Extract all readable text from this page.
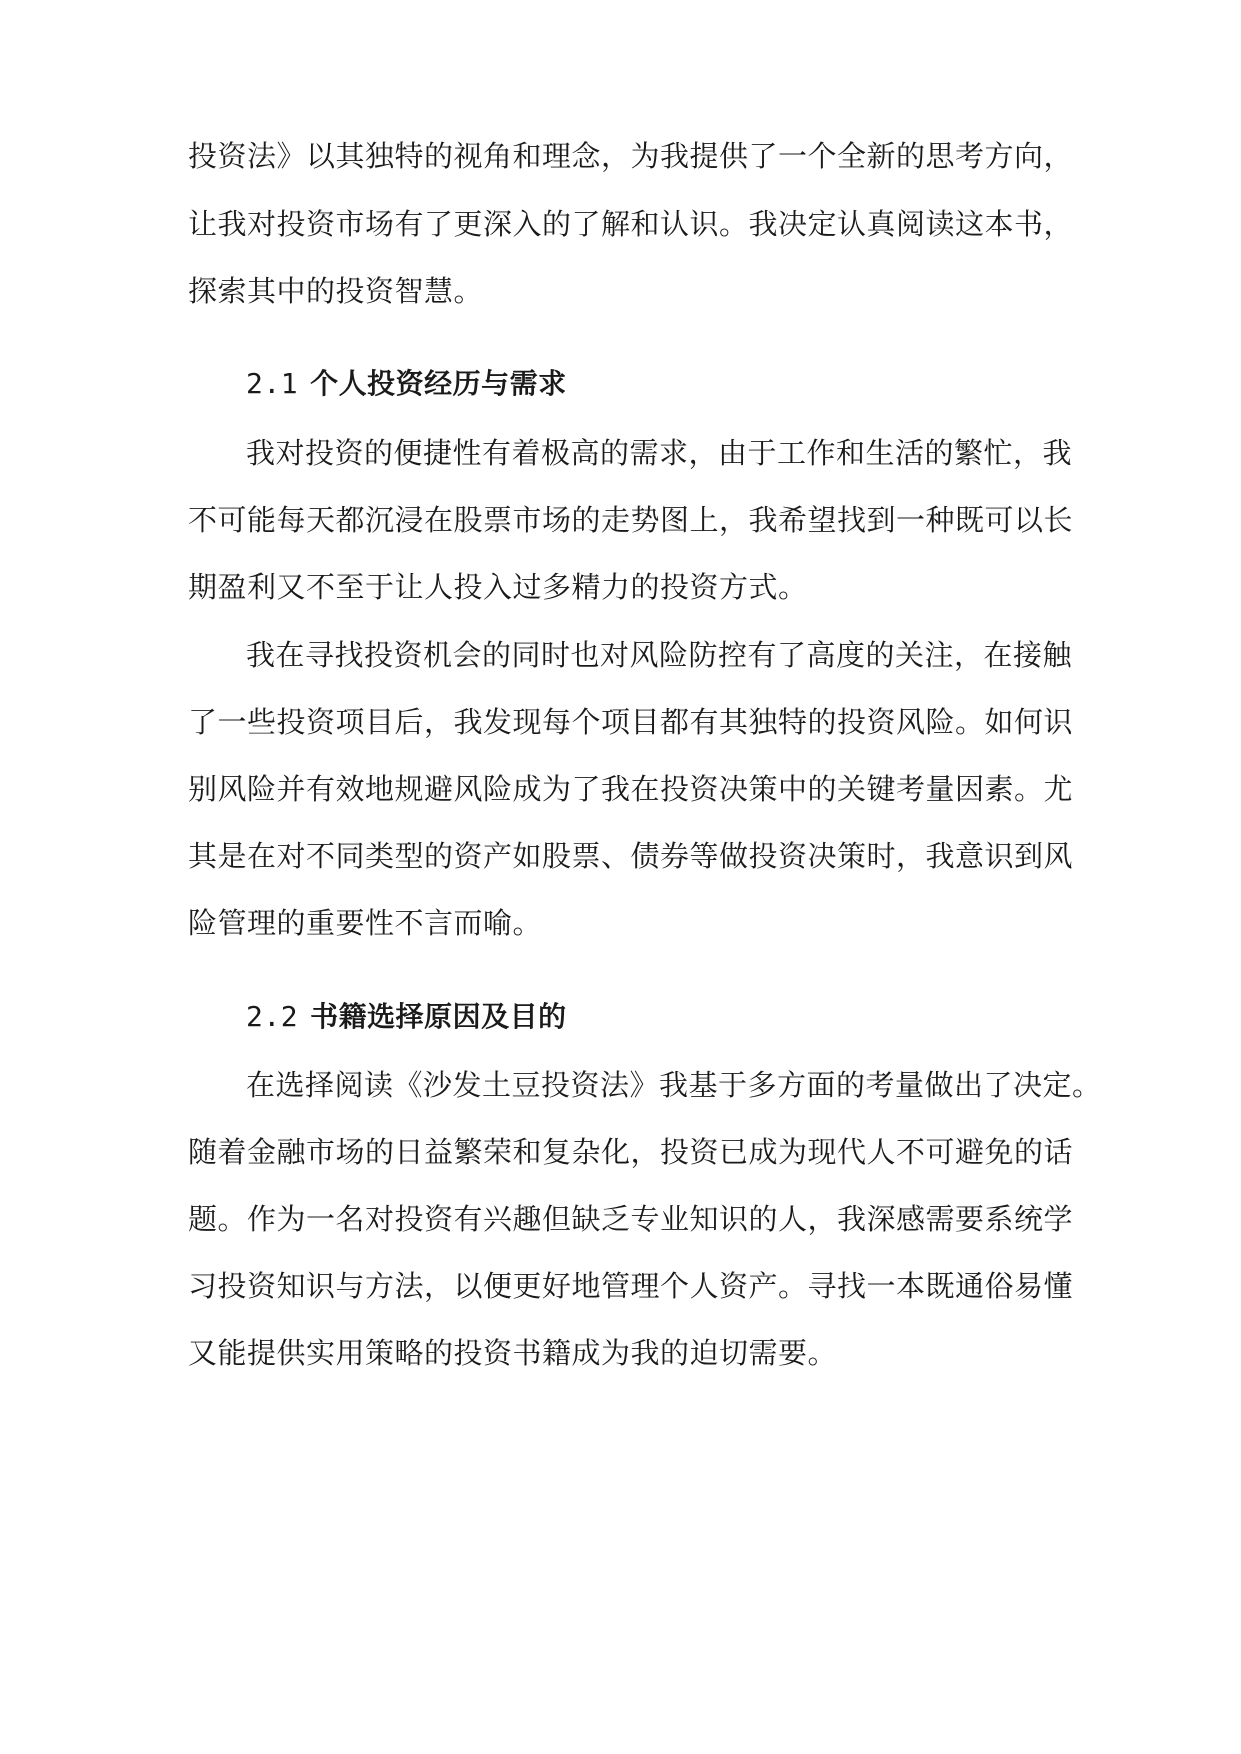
投资法》以其独特的视角和理念，为我提供了一个全新的思考方向，
让我对投资市场有了更深入的了解和认识。我决定认真阅读这本书，
探索其中的投资智慧。
2.1 个人投资经历与需求
我对投资的便捷性有着极高的需求，由于工作和生活的繁忙，我
不可能每天都沉浸在股票市场的走势图上，我希望找到一种既可以长
期盈利又不至于让人投入过多精力的投资方式。
我在寻找投资机会的同时也对风险防控有了高度的关注，在接触
了一些投资项目后，我发现每个项目都有其独特的投资风险。如何识
别风险并有效地规避风险成为了我在投资决策中的关键考量因素。尤
其是在对不同类型的资产如股票、债券等做投资决策时，我意识到风
险管理的重要性不言而喻。
2.2 书籍选择原因及目的
在选择阅读《沙发土豆投资法》我基于多方面的考量做出了决定。
随着金融市场的日益繁荣和复杂化，投资已成为现代人不可避免的话
题。作为一名对投资有兴趣但缺乏专业知识的人，我深感需要系统学
习投资知识与方法，以便更好地管理个人资产。寻找一本既通俗易懂
又能提供实用策略的投资书籍成为我的迫切需要。
